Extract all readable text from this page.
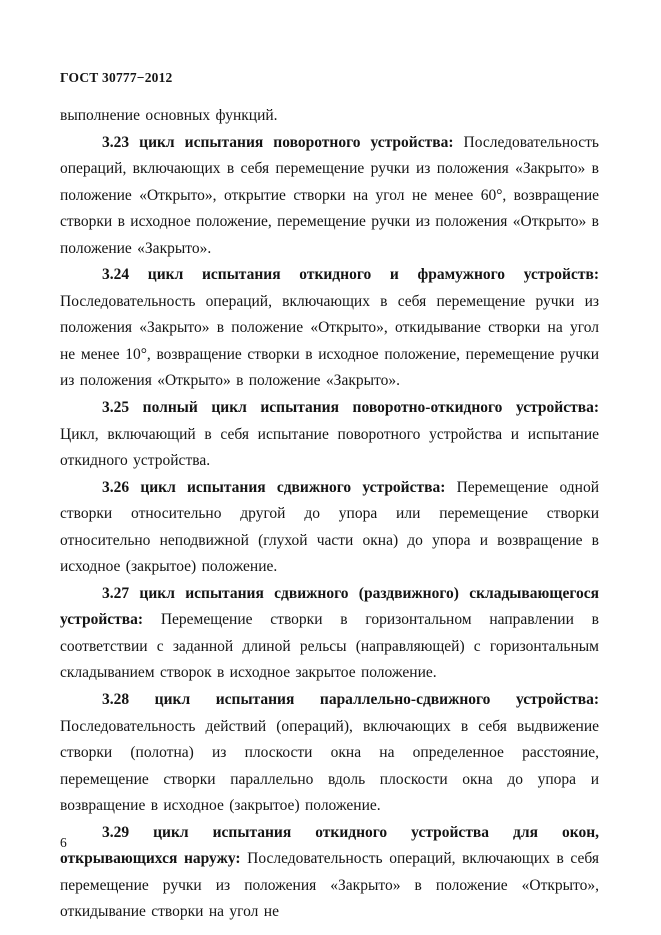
ГОСТ 30777−2012

выполнение основных функций.

3.23 цикл испытания поворотного устройства: Последовательность операций, включающих в себя перемещение ручки из положения «Закрыто» в положение «Открыто», открытие створки на угол не менее 60°, возвращение створки в исходное положение, перемещение ручки из положения «Открыто» в положение «Закрыто».

3.24 цикл испытания откидного и фрамужного устройств: Последовательность операций, включающих в себя перемещение ручки из положения «Закрыто» в положение «Открыто», откидывание створки на угол не менее 10°, возвращение створки в исходное положение, перемещение ручки из положения «Открыто» в положение «Закрыто».

3.25 полный цикл испытания поворотно-откидного устройства: Цикл, включающий в себя испытание поворотного устройства и испытание откидного устройства.

3.26 цикл испытания сдвижного устройства: Перемещение одной створки относительно другой до упора или перемещение створки относительно неподвижной (глухой части окна) до упора и возвращение в исходное (закрытое) положение.

3.27 цикл испытания сдвижного (раздвижного) складывающегося устройства: Перемещение створки в горизонтальном направлении в соответствии с заданной длиной рельсы (направляющей) с горизонтальным складыванием створок в исходное закрытое положение.

3.28 цикл испытания параллельно-сдвижного устройства: Последовательность действий (операций), включающих в себя выдвижение створки (полотна) из плоскости окна на определенное расстояние, перемещение створки параллельно вдоль плоскости окна до упора и возвращение в исходное (закрытое) положение.

3.29 цикл испытания откидного устройства для окон, открывающихся наружу: Последовательность операций, включающих в себя перемещение ручки из положения «Закрыто» в положение «Открыто», откидывание створки на угол не

6
